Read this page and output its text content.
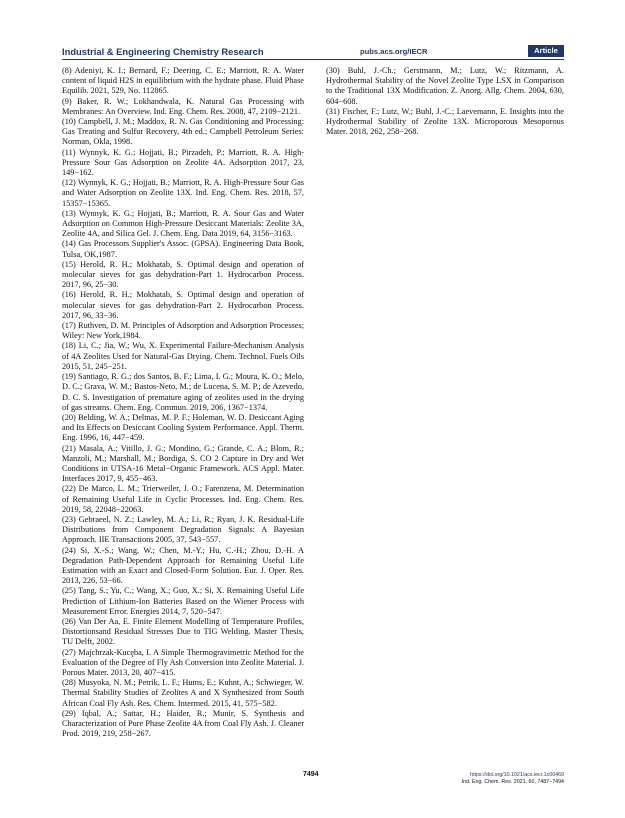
Industrial & Engineering Chemistry Research	pubs.acs.org/IECR	Article

(8) Adeniyi, K. I.; Bernard, F.; Deering, C. E.; Marriott, R. A. Water content of liquid H2S in equilibrium with the hydrate phase. Fluid Phase Equilib. 2021, 529, No. 112865.

(9) Baker, R. W.; Lokhandwala, K. Natural Gas Processing with Membranes: An Overview. Ind. Eng. Chem. Res. 2008, 47, 2109−2121.

(10) Campbell, J. M.; Maddox, R. N. Gas Conditioning and Processing: Gas Treating and Sulfur Recovery, 4th ed.; Campbell Petroleum Series: Norman, Okla, 1998.

(11) Wynnyk, K. G.; Hojjati, B.; Pirzadeh, P.; Marriott, R. A. High-Pressure Sour Gas Adsorption on Zeolite 4A. Adsorption 2017, 23, 149−162.

(12) Wynnyk, K. G.; Hojjati, B.; Marriott, R. A. High-Pressure Sour Gas and Water Adsorption on Zeolite 13X. Ind. Eng. Chem. Res. 2018, 57, 15357−15365.

(13) Wynnyk, K. G.; Hojjati, B.; Marriott, R. A. Sour Gas and Water Adsorption on Common High-Pressure Desiccant Materials: Zeolite 3A, Zeolite 4A, and Silica Gel. J. Chem. Eng. Data 2019, 64, 3156−3163.

(14) Gas Processors Supplier's Assoc. (GPSA). Engineering Data Book, Tulsa, OK,1987.

(15) Herold, R. H.; Mokhatab, S. Optimal design and operation of molecular sieves for gas dehydration-Part 1. Hydrocarbon Process. 2017, 96, 25−30.

(16) Herold, R. H.; Mokhatab, S. Optimal design and operation of molecular sieves for gas dehydration-Part 2. Hydrocarbon Process. 2017, 96, 33−36.

(17) Ruthven, D. M. Principles of Adsorption and Adsorption Processes; Wiley: New York,1984.

(18) Li, C.; Jia, W.; Wu, X. Experimental Failure-Mechanism Analysis of 4A Zeolites Used for Natural-Gas Drying. Chem. Technol. Fuels Oils 2015, 51, 245−251.

(19) Santiago, R. G.; dos Santos, B. F.; Lima, I. G.; Moura, K. O.; Melo, D. C.; Grava, W. M.; Bastos-Neto, M.; de Lucena, S. M. P.; de Azevedo, D. C. S. Investigation of premature aging of zeolites used in the drying of gas streams. Chem. Eng. Commun. 2019, 206, 1367−1374.

(20) Belding, W. A.; Delmas, M. P. F.; Holeman, W. D. Desiccant Aging and Its Effects on Desiccant Cooling System Performance. Appl. Therm. Eng. 1996, 16, 447−459.

(21) Masala, A.; Vitillo, J. G.; Mondino, G.; Grande, C. A.; Blom, R.; Manzoli, M.; Marshall, M.; Bordiga, S. CO 2 Capture in Dry and Wet Conditions in UTSA-16 Metal−Organic Framework. ACS Appl. Mater. Interfaces 2017, 9, 455−463.

(22) De Marco, L. M.; Trierweiler, J. O.; Farenzena, M. Determination of Remaining Useful Life in Cyclic Processes. Ind. Eng. Chem. Res. 2019, 58, 22048−22063.

(23) Gebraeel, N. Z.; Lawley, M. A.; Li, R.; Ryan, J. K. Residual-Life Distributions from Component Degradation Signals: A Bayesian Approach. IIE Transactions 2005, 37, 543−557.

(24) Si, X.-S.; Wang, W.; Chen, M.-Y.; Hu, C.-H.; Zhou, D.-H. A Degradation Path-Dependent Approach for Remaining Useful Life Estimation with an Exact and Closed-Form Solution. Eur. J. Oper. Res. 2013, 226, 53−66.

(25) Tang, S.; Yu, C.; Wang, X.; Guo, X.; Si, X. Remaining Useful Life Prediction of Lithium-Ion Batteries Based on the Wiener Process with Measurement Error. Energies 2014, 7, 520−547.

(26) Van Der Aa, E. Finite Element Modelling of Temperature Profiles, Distortionsand Residual Stresses Due to TIG Welding. Master Thesis, TU Delft, 2002.

(27) Majchrzak-Kucęba, I. A Simple Thermogravimetric Method for the Evaluation of the Degree of Fly Ash Conversion into Zeolite Material. J. Porous Mater. 2013, 20, 407−415.

(28) Musyoka, N. M.; Petrik, L. F.; Hums, E.; Kuhnt, A.; Schwieger, W. Thermal Stability Studies of Zeolites A and X Synthesized from South African Coal Fly Ash. Res. Chem. Intermed. 2015, 41, 575−582.

(29) Iqbal, A.; Sattar, H.; Haider, R.; Munir, S. Synthesis and Characterization of Pure Phase Zeolite 4A from Coal Fly Ash. J. Cleaner Prod. 2019, 219, 258−267.

(30) Buhl, J.-Ch.; Gerstmann, M.; Lutz, W.; Ritzmann, A. Hydrothermal Stability of the Novel Zeolite Type LSX in Comparison to the Traditional 13X Modification. Z. Anorg. Allg. Chem. 2004, 630, 604−608.

(31) Fischer, F.; Lutz, W.; Buhl, J.-C.; Laevemann, E. Insights into the Hydrothermal Stability of Zeolite 13X. Microporous Mesoporous Mater. 2018, 262, 258−268.

7494	https://doi.org/10.1021/acs.iecr.1c00469
Ind. Eng. Chem. Res. 2021, 60, 7487−7494
